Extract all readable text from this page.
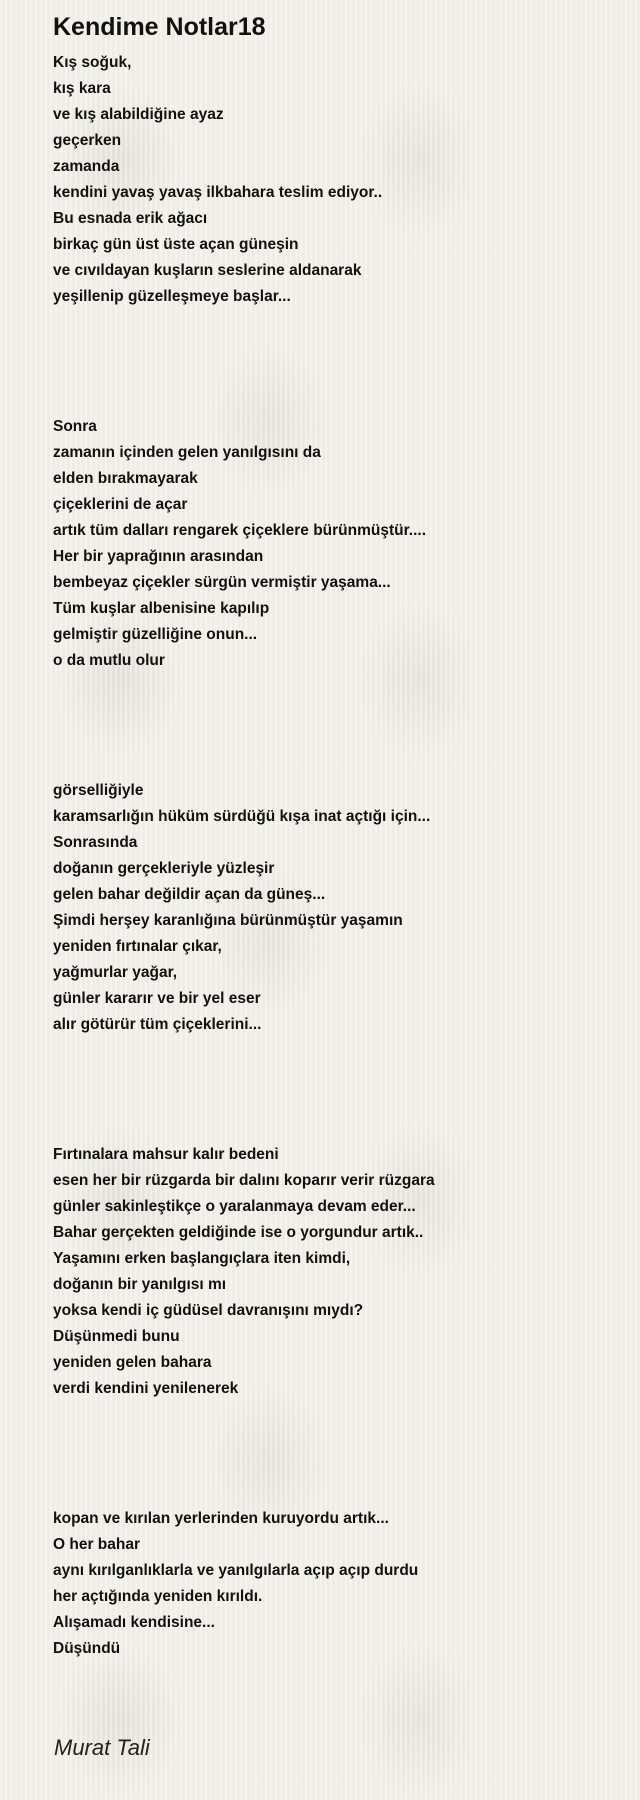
Kendime Notlar18
Kış soğuk,
kış kara
ve kış alabildiğine ayaz
geçerken
zamanda
kendini yavaş yavaş ilkbahara teslim ediyor..
Bu esnada erik ağacı
birkaç gün üst üste açan güneşin
ve cıvıldayan kuşların seslerine aldanarak
yeşillenip güzelleşmeye başlar...
Sonra
zamanın içinden gelen yanılgısını da
elden bırakmayarak
çiçeklerini de açar
artık tüm dalları rengarek çiçeklere bürünmüştür....
Her bir yaprağının arasından
bembeyaz çiçekler sürgün vermiştir yaşama...
Tüm kuşlar albenisine kapılıp
gelmiştir güzelliğine onun...
o da mutlu olur
görselliğiyle
karamsarlığın hüküm sürdüğü kışa inat açtığı için...
Sonrasında
doğanın gerçekleriyle yüzleşir
gelen bahar değildir açan da güneş...
Şimdi herşey karanlığına bürünmüştür yaşamın
yeniden fırtınalar çıkar,
yağmurlar yağar,
günler kararır ve bir yel eser
alır götürür tüm çiçeklerini...
Fırtınalara mahsur kalır bedeni
esen her bir rüzgarda bir dalını koparır verir rüzgara
günler sakinleştikçe o yaralanmaya devam eder...
Bahar gerçekten geldiğinde ise o yorgundur artık..
Yaşamını erken başlangıçlara iten kimdi,
doğanın bir yanılgısı mı
yoksa kendi iç güdüsel davranışını mıydı?
Düşünmedi bunu
yeniden gelen bahara
verdi kendini yenilenerek
kopan ve kırılan yerlerinden kuruyordu artık...
O her bahar
aynı kırılganlıklarla ve yanılgılarla açıp açıp durdu
her açtığında yeniden kırıldı.
Alışamadı kendisine...
Düşündü
Murat Tali
